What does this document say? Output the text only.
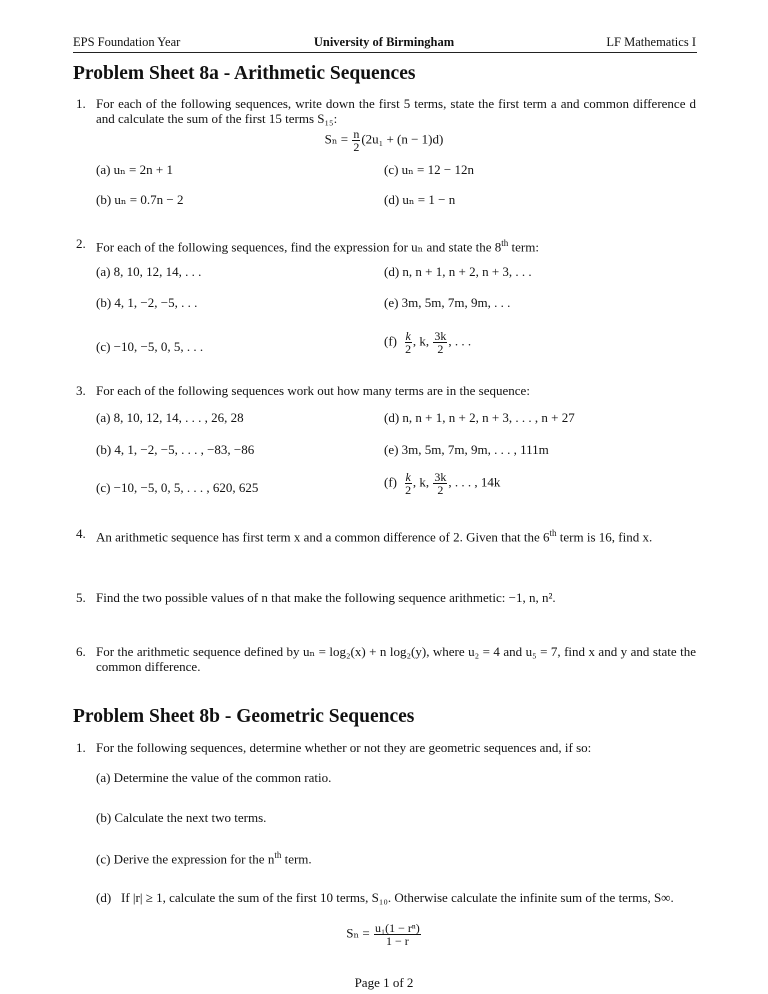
EPS Foundation Year	University of Birmingham	LF Mathematics I
Problem Sheet 8a - Arithmetic Sequences
1. For each of the following sequences, write down the first 5 terms, state the first term a and common difference d and calculate the sum of the first 15 terms S₁₅:
$S_n = \frac{n}{2} (2u_1 + (n - 1)d)$
(a) uₙ = 2n + 1
(b) uₙ = 0.7n − 2
(c) uₙ = 12 − 12n
(d) uₙ = 1 − n
2. For each of the following sequences, find the expression for uₙ and state the 8th term:
(a) 8, 10, 12, 14, . . .
(b) 4, 1, −2, −5, . . .
(c) −10, −5, 0, 5, . . .
(d) n, n + 1, n + 2, n + 3, . . .
(e) 3m, 5m, 7m, 9m, . . .
$(f) \frac{k}{2}$ , k, $\frac{3k}{2}$ , . . .
3. For each of the following sequences work out how many terms are in the sequence:
(a) 8, 10, 12, 14, . . . , 26, 28
(b) 4, 1, −2, −5, . . . , −83, −86
(c) −10, −5, 0, 5, . . . , 620, 625
(d) n, n + 1, n + 2, n + 3, . . . , n + 27
(e) 3m, 5m, 7m, 9m, . . . , 111m
$(f) \frac{k}{2}$ , k, $\frac{3k}{2}$ , . . . , 14k
4. An arithmetic sequence has first term x and a common difference of 2. Given that the 6th term is 16, find x.
5. Find the two possible values of n that make the following sequence arithmetic: −1, n, n².
6. For the arithmetic sequence defined by uₙ = log₂(x) + n log₂(y), where u₂ = 4 and u₅ = 7, find x and y and state the common difference.
Problem Sheet 8b - Geometric Sequences
1. For the following sequences, determine whether or not they are geometric sequences and, if so:
(a) Determine the value of the common ratio.
(b) Calculate the next two terms.
(c) Derive the expression for the $n^{th}$ term.
(d) If |r| ≥ 1, calculate the sum of the first 10 terms, S₁₀. Otherwise calculate the infinite sum of the terms, S∞.
$S_n = \frac{\text{u₁(1 − rⁿ)}}{1 - r}$
Page 1 of 2
